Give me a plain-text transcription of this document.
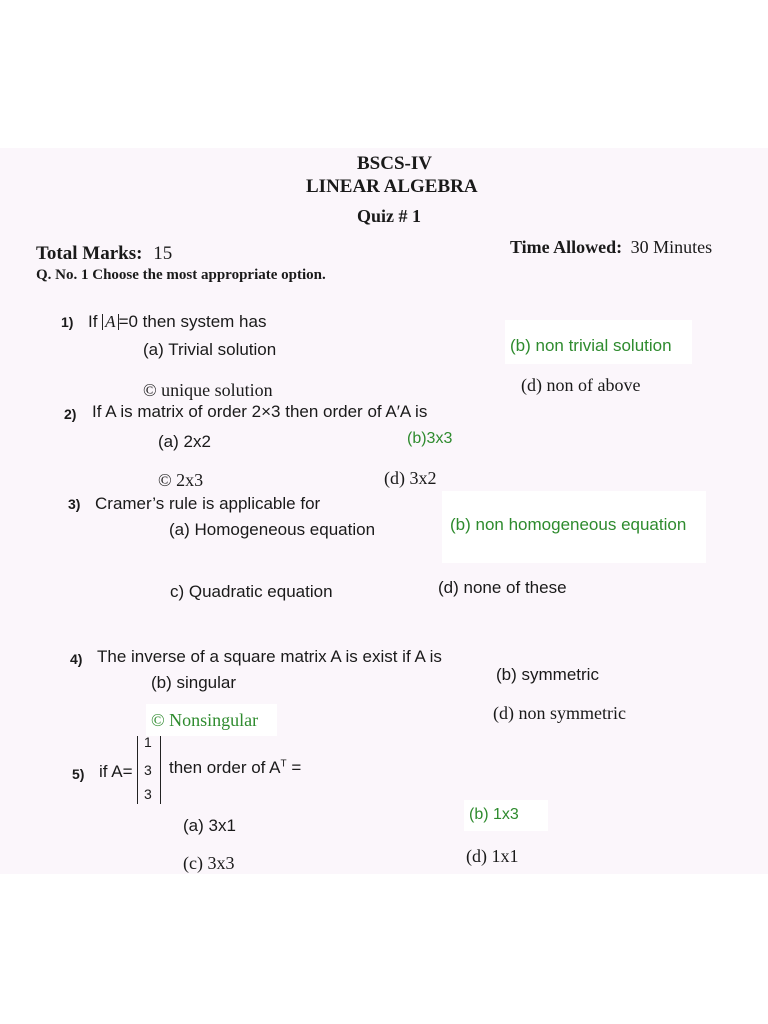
BSCS-IV
LINEAR ALGEBRA
Quiz # 1
Total Marks: 15	Time Allowed: 30 Minutes
Q. No. 1 Choose the most appropriate option.
1) If A =0 then system has
(a) Trivial solution	(b) non trivial solution
© unique solution	(d) non of above
2) If A is matrix of order 2×3 then order of A′A is
(a) 2x2	(b)3x3
© 2x3	(d) 3x2
3) Cramer’s rule is applicable for
(a) Homogeneous equation	(b) non homogeneous equation
c) Quadratic equation	(d) none of these
4) The inverse of a square matrix A is exist if A is
(b) singular	(b) symmetric
© Nonsingular	(d) non symmetric
5) if A=
1
3
3
then order of $A^T$ =
(a) 3x1
(b) 1x3
(c) 3x3	(d) 1x1
